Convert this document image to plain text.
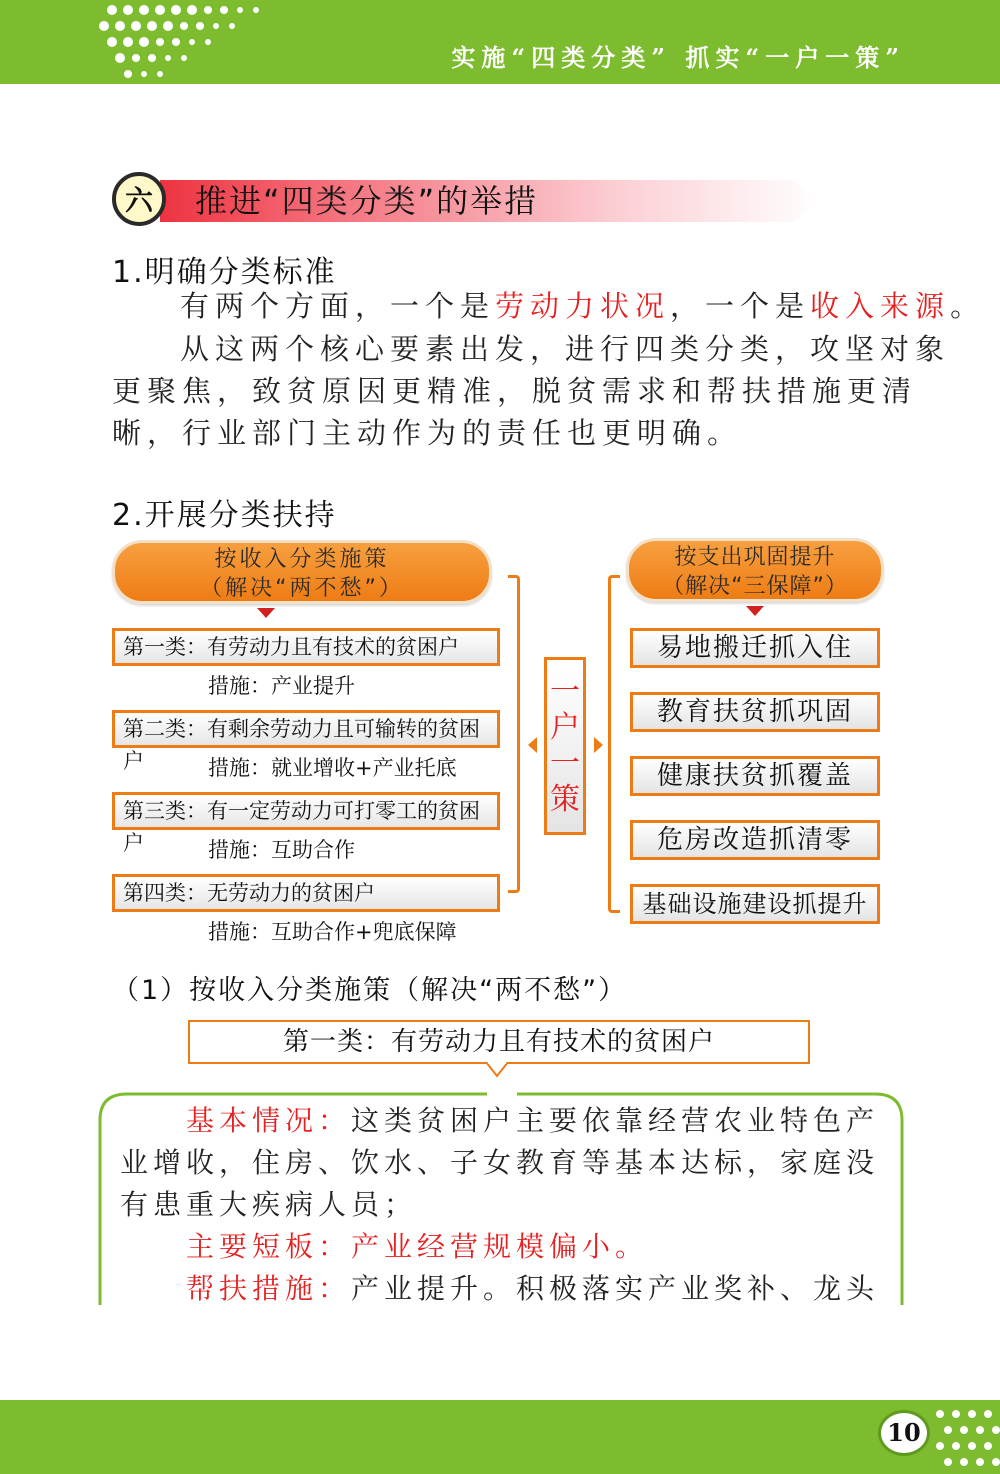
实施“四类分类” 抓实“一户一策”
六	推进“四类分类”的举措
1.明确分类标准
有两个方面，一个是劳动力状况，一个是收入来源。
从这两个核心要素出发，进行四类分类，攻坚对象
更聚焦，致贫原因更精准，脱贫需求和帮扶措施更清
晰，行业部门主动作为的责任也更明确。
2.开展分类扶持
按收入分类施策
（解决“两不愁”）
第一类：有劳动力且有技术的贫困户
措施：产业提升
第二类：有剩余劳动力且可输转的贫困户	措施：就业增收+产业托底
第三类：有一定劳动力可打零工的贫困户	措施：互助合作
第四类：无劳动力的贫困户
措施：互助合作+兜底保障
一
户
一
策
按支出巩固提升
（解决“三保障”）
易地搬迁抓入住
教育扶贫抓巩固
健康扶贫抓覆盖
危房改造抓清零
基础设施建设抓提升
（1）按收入分类施策（解决“两不愁”）
第一类：有劳动力且有技术的贫困户
基本情况：这类贫困户主要依靠经营农业特色产
业增收，住房、饮水、子女教育等基本达标，家庭没
有患重大疾病人员；
主要短板：产业经营规模偏小。
帮扶措施：产业提升。积极落实产业奖补、龙头
10
